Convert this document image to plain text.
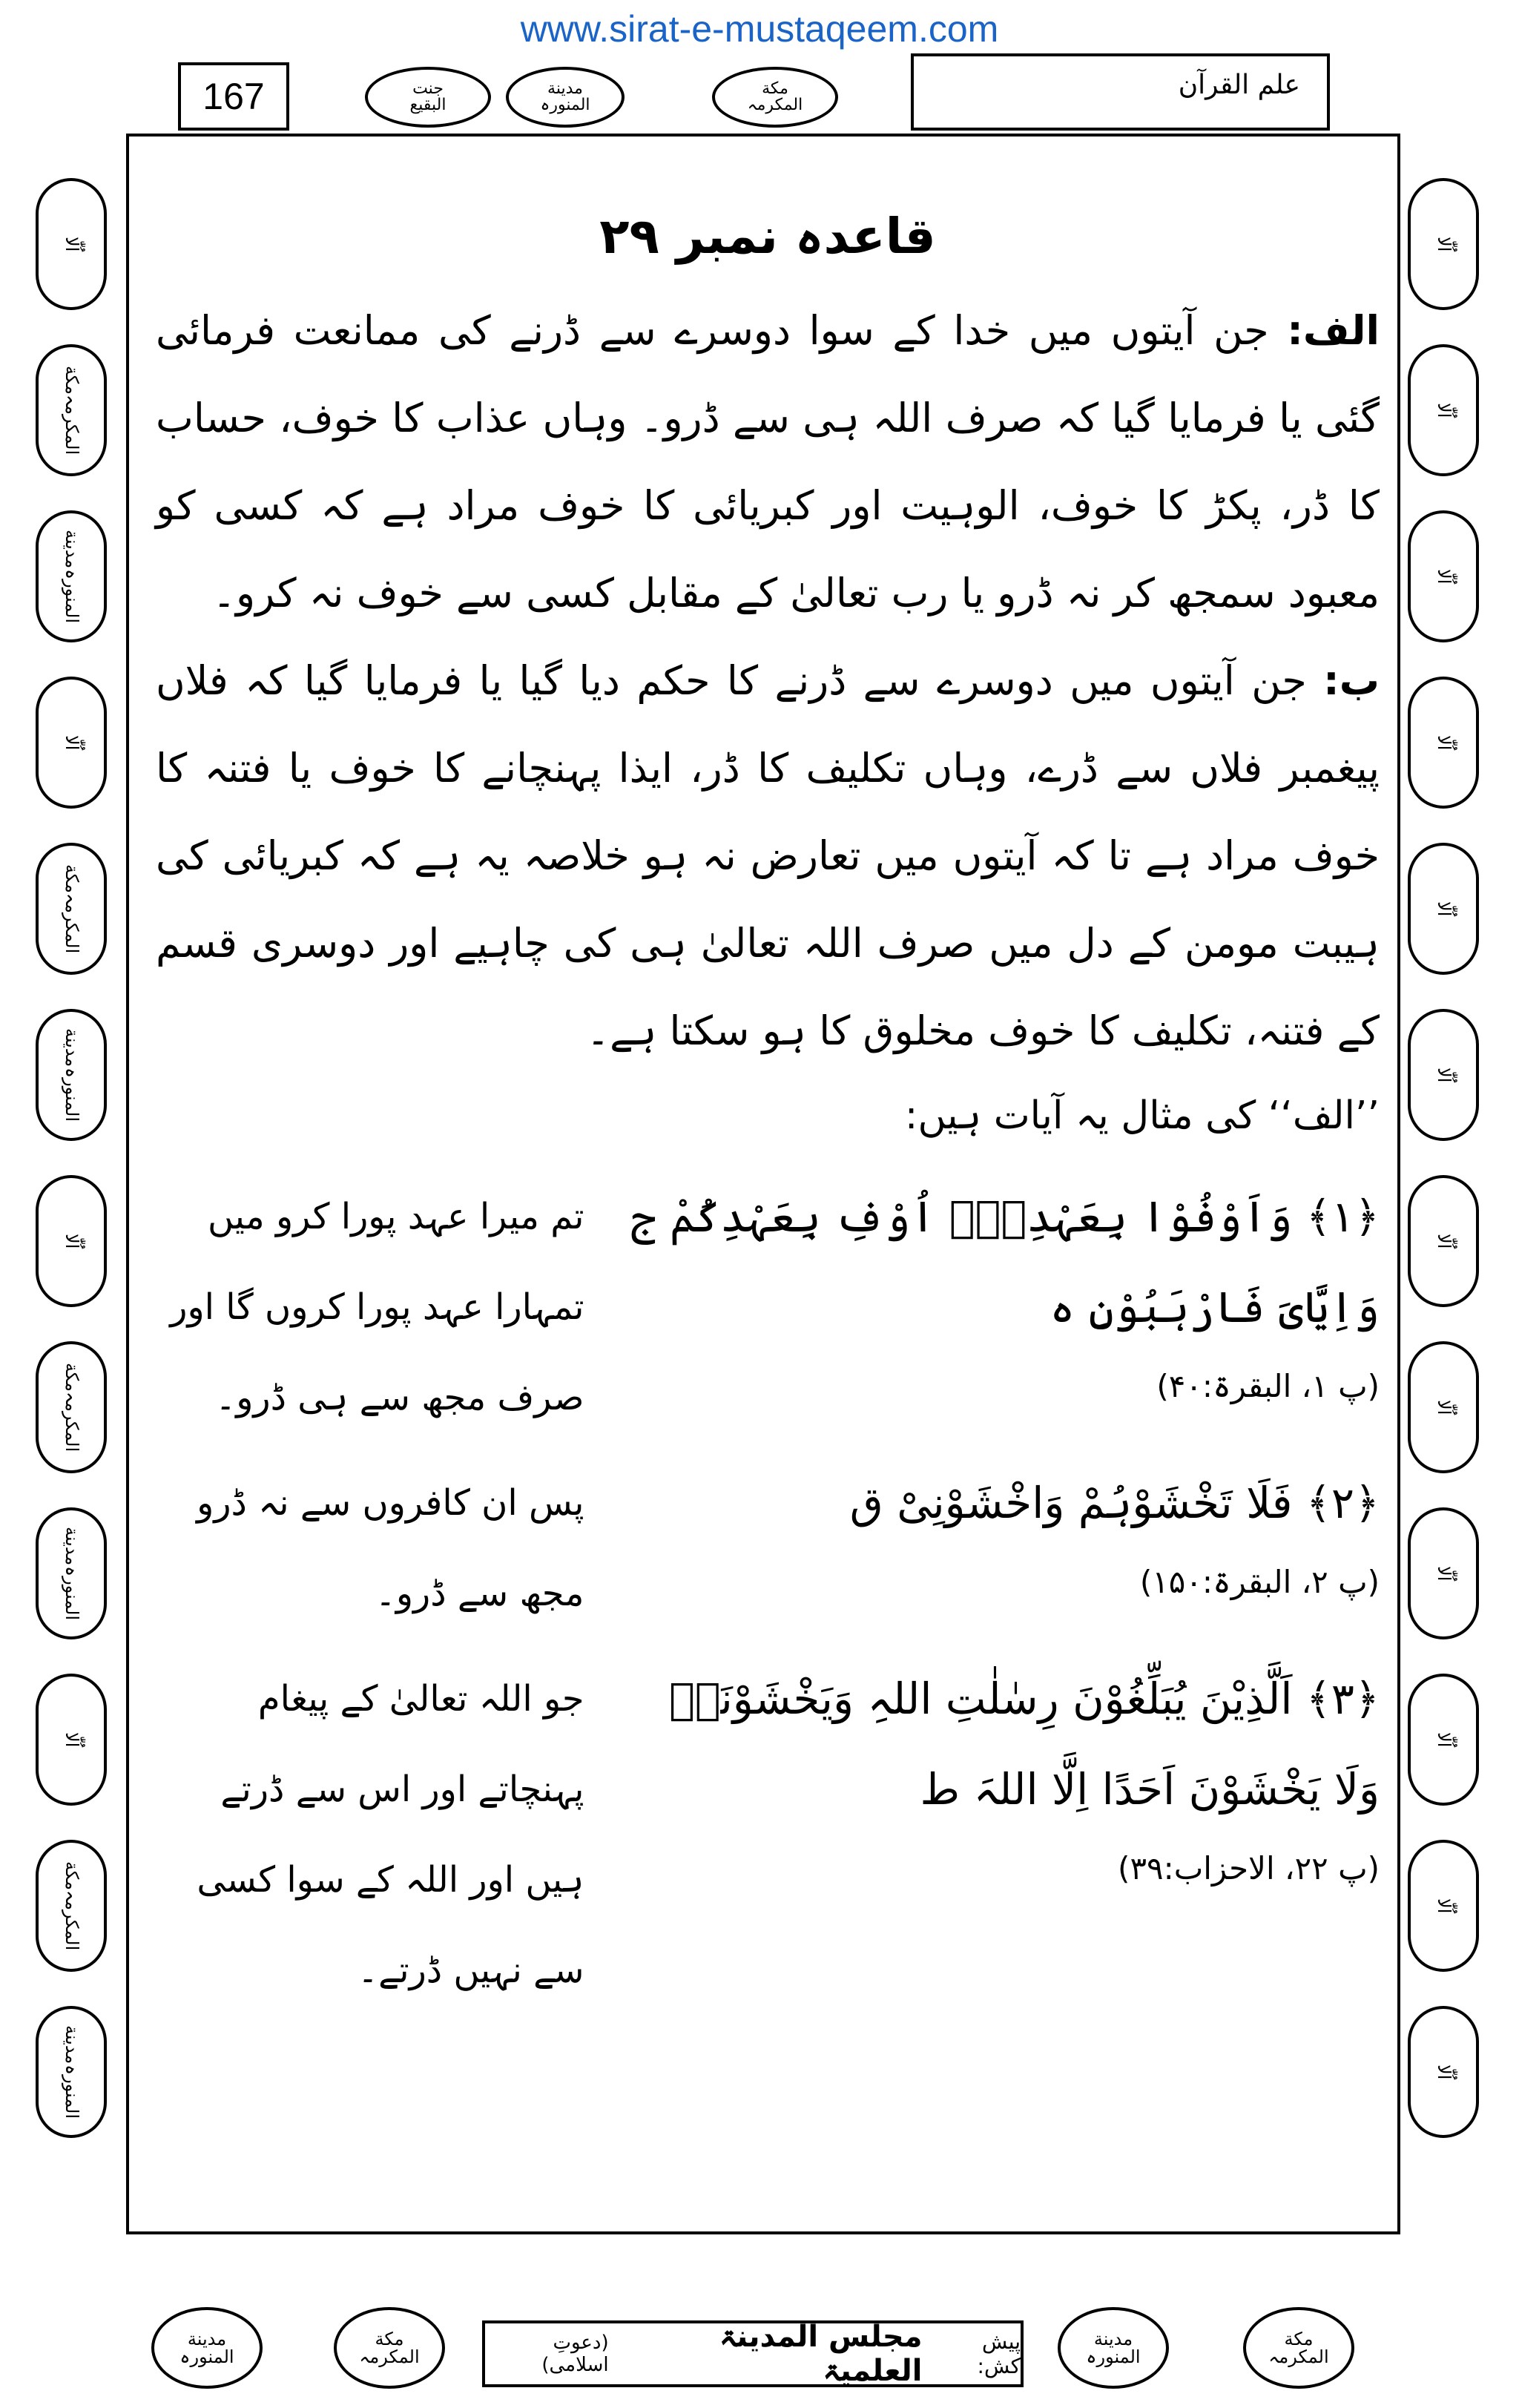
www.sirat-e-mustaqeem.com
167	جنت
البقیع
مدینة
المنورہ
مکة
المکرمہ
علم القرآن
اُلّٰا
مکة
المکرمہ
مدینة
المنورہ
اُلّٰا
مکة
المکرمہ
مدینة
المنورہ
اُلّٰا
مکة
المکرمہ
مدینة
المنورہ
اُلّٰا
مکة
المکرمہ
مدینة
المنورہ
اُلّٰا
اُلّٰا
اُلّٰا
اُلّٰا
اُلّٰا
اُلّٰا
اُلّٰا
اُلّٰا
اُلّٰا
اُلّٰا
اُلّٰا
اُلّٰا
قاعدہ نمبر ۲۹

الف: جن آیتوں میں خدا کے سوا دوسرے سے ڈرنے کی ممانعت فرمائی گئی یا فرمایا گیا کہ صرف اللہ ہی سے ڈرو۔ وہاں عذاب کا خوف، حساب کا ڈر، پکڑ کا خوف، الوہیت اور کبریائی کا خوف مراد ہے کہ کسی کو معبود سمجھ کر نہ ڈرو یا رب تعالیٰ کے مقابل کسی سے خوف نہ کرو۔

ب: جن آیتوں میں دوسرے سے ڈرنے کا حکم دیا گیا یا فرمایا گیا کہ فلاں پیغمبر فلاں سے ڈرے، وہاں تکلیف کا ڈر، ایذا پہنچانے کا خوف یا فتنہ کا خوف مراد ہے تا کہ آیتوں میں تعارض نہ ہو خلاصہ یہ ہے کہ کبریائی کی ہیبت مومن کے دل میں صرف اللہ تعالیٰ ہی کی چاہیے اور دوسری قسم کے فتنہ، تکلیف کا خوف مخلوق کا ہو سکتا ہے۔

’’الف‘‘ کی مثال یہ آیات ہیں:

﴿۱﴾ وَاَوْفُوْا بِعَہْدِیْۤ اُوْفِ بِعَہْدِکُمْ ج وَاِیَّایَ فَارْہَبُوْنِ ہ
(پ ۱، البقرۃ:۴۰)
تم میرا عہد پورا کرو میں تمہارا عہد پورا کروں گا اور صرف مجھ سے ہی ڈرو۔
﴿۲﴾ فَلَا تَخْشَوْہُمْ وَاخْشَوْنِیْ ق
(پ ۲، البقرۃ:۱۵۰)
پس ان کافروں سے نہ ڈرو مجھ سے ڈرو۔
﴿۳﴾ اَلَّذِیْنَ یُبَلِّغُوْنَ رِسٰلٰتِ اللہِ وَیَخْشَوْنَہٗ وَلَا یَخْشَوْنَ اَحَدًا اِلَّا اللہَ ط
(پ ۲۲، الاحزاب:۳۹)
جو اللہ تعالیٰ کے پیغام پہنچاتے اور اس سے ڈرتے ہیں اور اللہ کے سوا کسی سے نہیں ڈرتے۔
مدینة
المنورہ
مکة
المکرمہ
پیش کش:
مجلس المدینۃ العلمیۃ
(دعوتِ اسلامی)
مدینة
المنورہ
مکة
المکرمہ
